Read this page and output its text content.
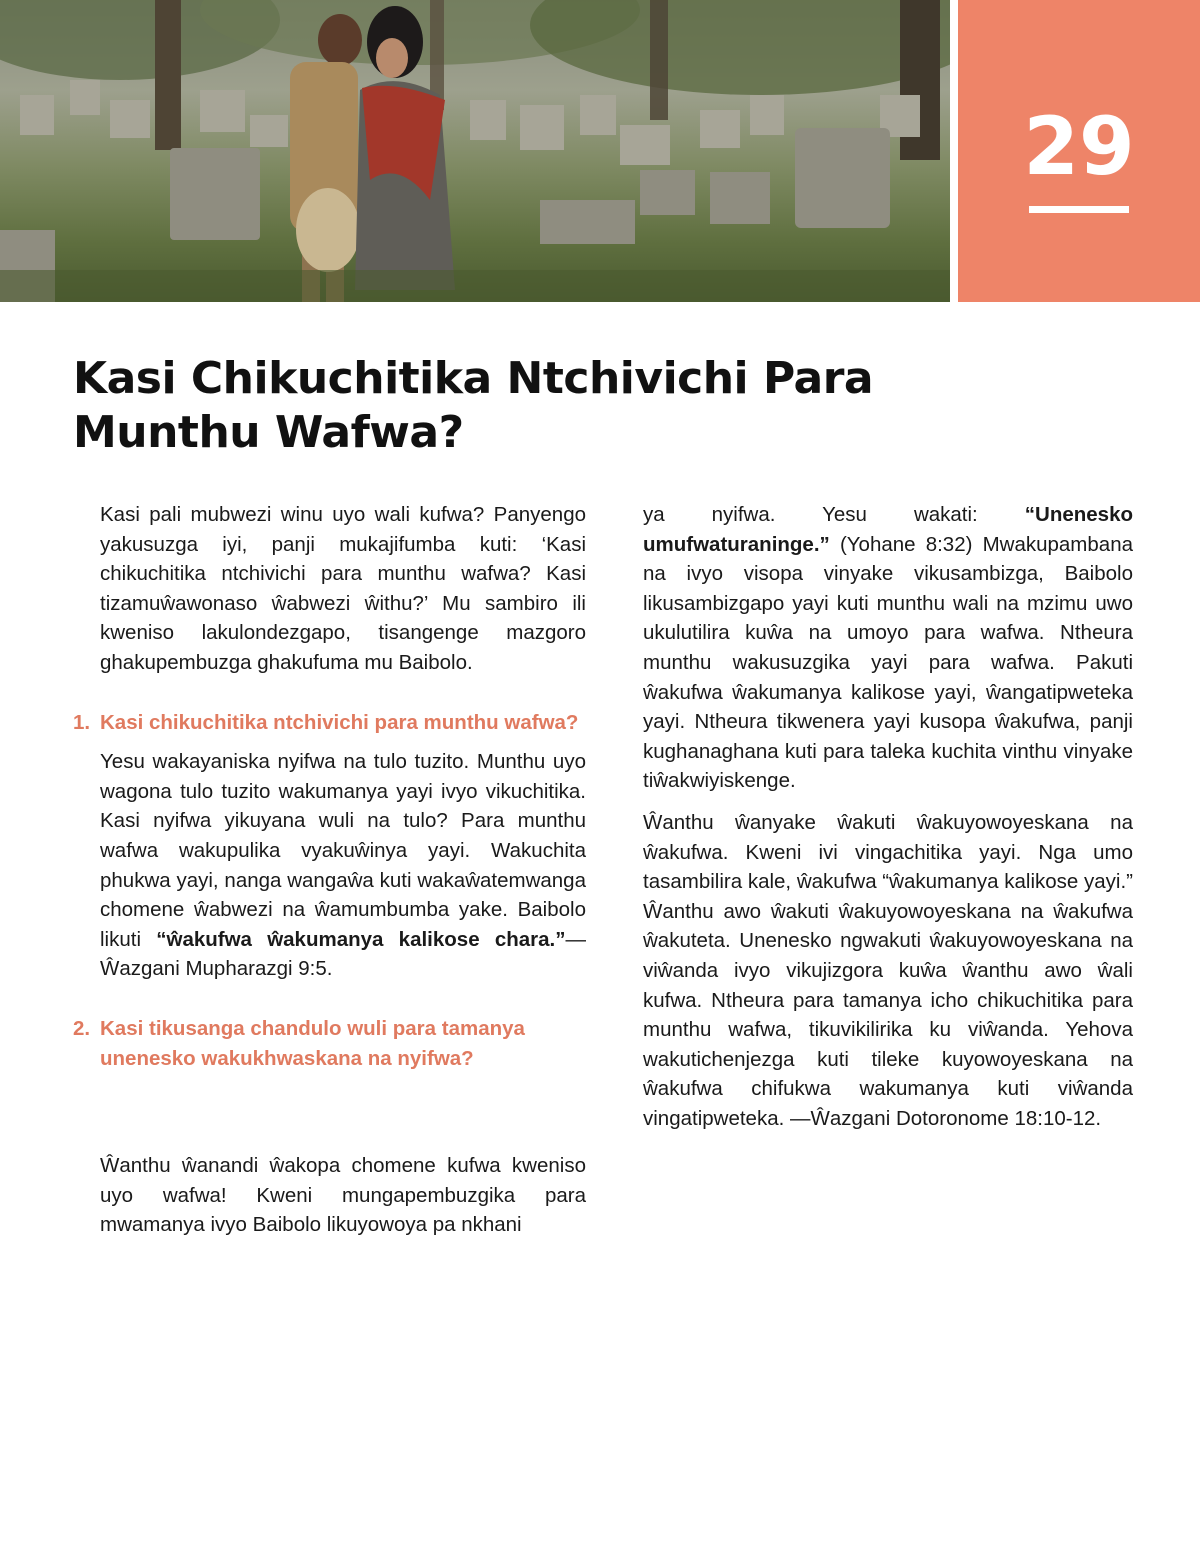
29
Kasi Chikuchitika Ntchivichi Para
Munthu Wafwa?

Kasi pali mubwezi winu uyo wali kufwa? Panyengo yakusuzga iyi, panji mukajifumba kuti: ‘Kasi chikuchitika ntchivichi para munthu wafwa? Kasi tizamuŵawonaso ŵabwezi ŵithu?’ Mu sambiro ili kweniso lakulondezgapo, tisangenge mazgoro ghakupembuzga ghakufuma mu Baibolo.

1. Kasi chikuchitika ntchivichi para munthu wafwa?

Yesu wakayaniska nyifwa na tulo tuzito. Munthu uyo wagona tulo tuzito wakumanya yayi ivyo vikuchitika. Kasi nyifwa yikuyana wuli na tulo? Para munthu wafwa wakupulika vyakuŵinya yayi. Wakuchita phukwa yayi, nanga wangaŵa kuti wakaŵatemwanga chomene ŵabwezi na ŵamumbumba yake. Baibolo likuti “ŵakufwa ŵakumanya kalikose chara.”—Ŵazgani Mupharazgi 9:5.

2. Kasi tikusanga chandulo wuli para tamanya unenesko wakukhwaskana na nyifwa?

Ŵanthu ŵanandi ŵakopa chomene kufwa kweniso uyo wafwa! Kweni mungapembuzgika para mwamanya ivyo Baibolo likuyowoya pa nkhani

ya nyifwa. Yesu wakati: “Unenesko umufwaturaninge.” (Yohane 8:32) Mwakupambana na ivyo visopa vinyake vikusambizga, Baibolo likusambizgapo yayi kuti munthu wali na mzimu uwo ukulutilira kuŵa na umoyo para wafwa. Ntheura munthu wakusuzgika yayi para wafwa. Pakuti ŵakufwa ŵakumanya kalikose yayi, ŵangatipweteka yayi. Ntheura tikwenera yayi kusopa ŵakufwa, panji kughanaghana kuti para taleka kuchita vinthu vinyake tiŵakwiyiskenge.

Ŵanthu ŵanyake ŵakuti ŵakuyowoyeskana na ŵakufwa. Kweni ivi vingachitika yayi. Nga umo tasambilira kale, ŵakufwa “ŵakumanya kalikose yayi.” Ŵanthu awo ŵakuti ŵakuyowoyeskana na ŵakufwa ŵakuteta. Unenesko ngwakuti ŵakuyowoyeskana na viŵanda ivyo vikujizgora kuŵa ŵanthu awo ŵali kufwa. Ntheura para tamanya icho chikuchitika para munthu wafwa, tikuvikilirika ku viŵanda. Yehova wakutichenjezga kuti tileke kuyowoyeskana na ŵakufwa chifukwa wakumanya kuti viŵanda vingatipweteka. —Ŵazgani Dotoronome 18:10-12.
